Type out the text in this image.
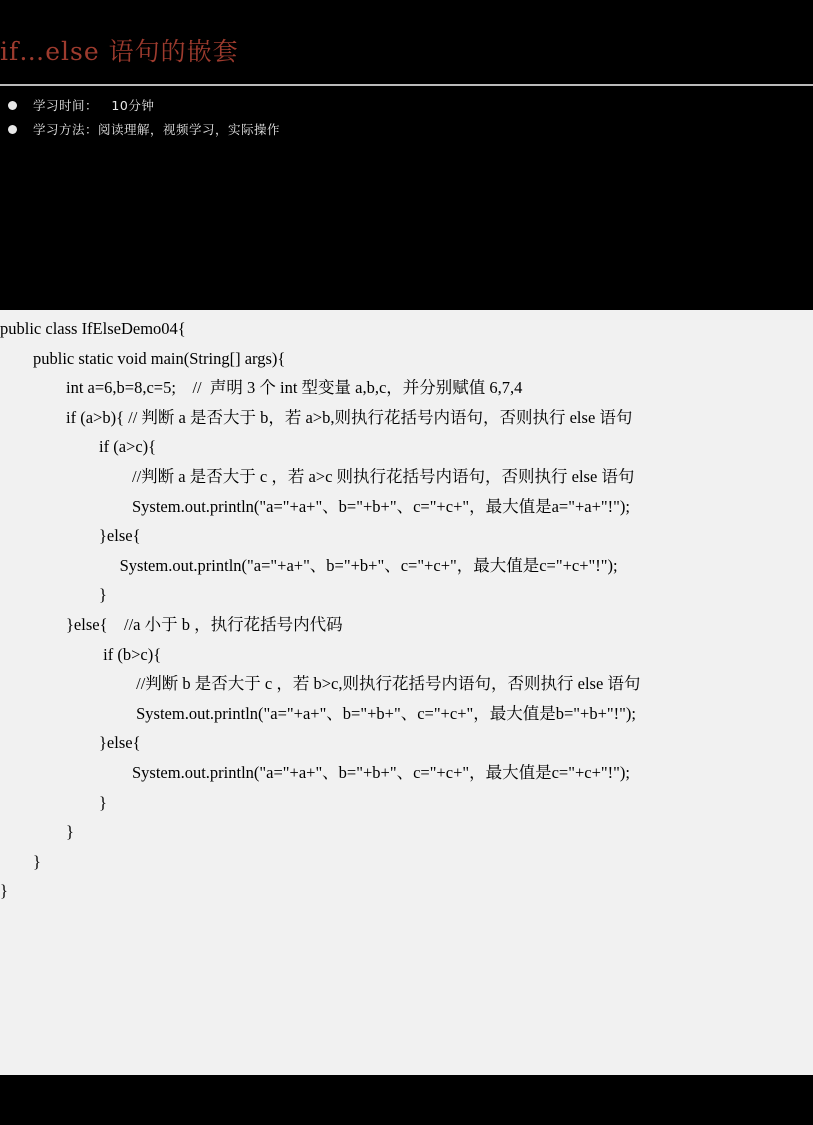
if…else 语句的嵌套
学习时间：   10分钟
学习方法：阅读理解，视频学习，实际操作
public class IfElseDemo04{
public static void main(String[] args){
int a=6,b=8,c=5;    //  声明 3 个 int 型变量 a,b,c，并分别赋值 6,7,4
if (a>b){ // 判断 a 是否大于 b，若 a>b,则执行花括号内语句，否则执行 else 语句
if (a>c){
//判断 a 是否大于 c ，若 a>c 则执行花括号内语句，否则执行 else 语句
System.out.println("a="+a+"、b="+b+"、c="+c+"，最大值是a="+a+"!");
}else{
System.out.println("a="+a+"、b="+b+"、c="+c+"，最大值是c="+c+"!");
}
}else{    //a 小于 b ，执行花括号内代码
if (b>c){
//判断 b 是否大于 c ，若 b>c,则执行花括号内语句，否则执行 else 语句
System.out.println("a="+a+"、b="+b+"、c="+c+"，最大值是b="+b+"!");
}else{
System.out.println("a="+a+"、b="+b+"、c="+c+"，最大值是c="+c+"!");
}
}
}
}
